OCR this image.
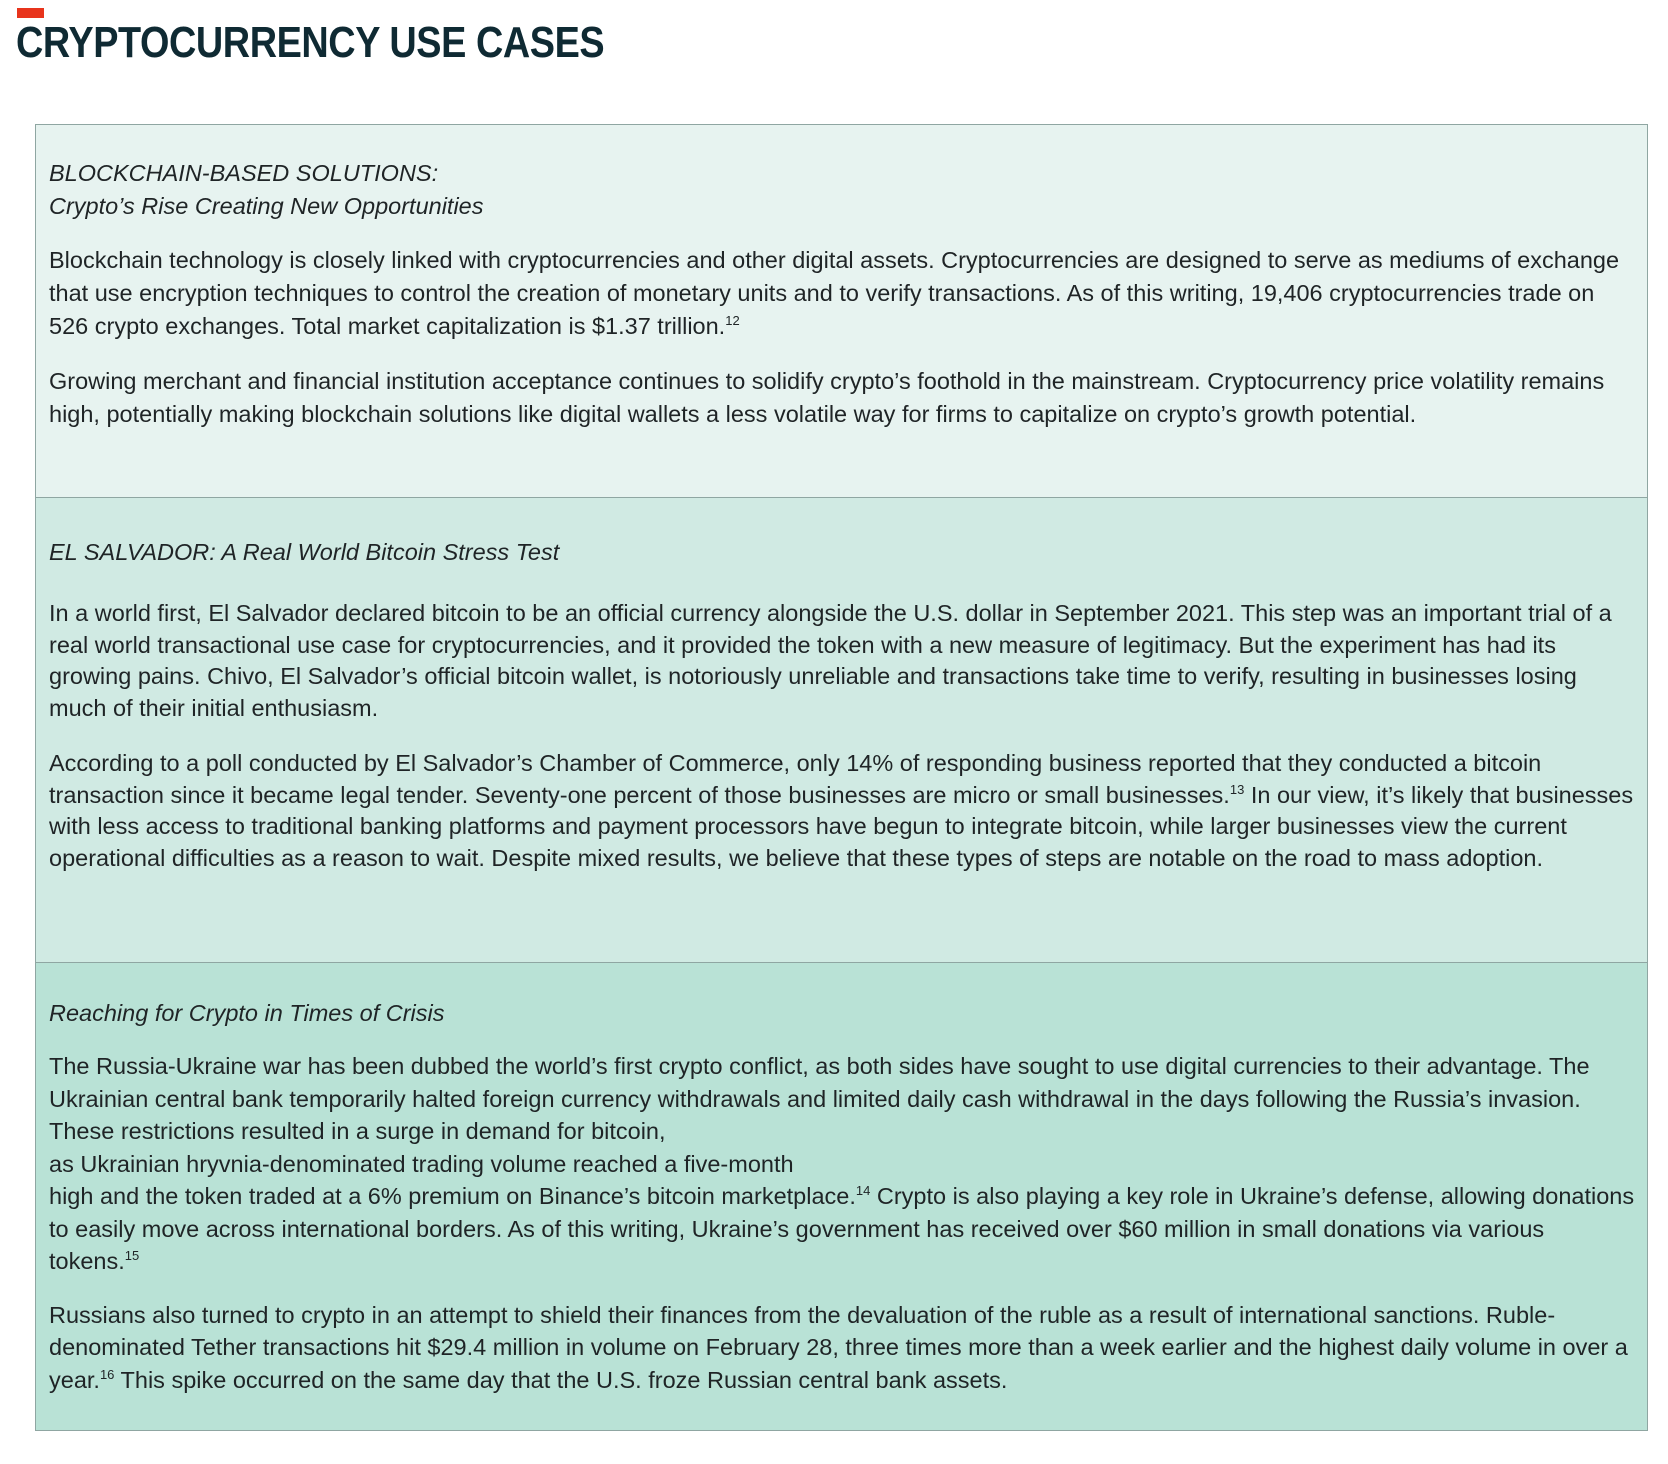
CRYPTOCURRENCY USE CASES
BLOCKCHAIN-BASED SOLUTIONS:
Crypto’s Rise Creating New Opportunities

Blockchain technology is closely linked with cryptocurrencies and other digital assets. Cryptocurrencies are designed to serve as mediums of exchange that use encryption techniques to control the creation of monetary units and to verify transactions. As of this writing, 19,406 cryptocurrencies trade on 526 crypto exchanges. Total market capitalization is $1.37 trillion.$^{12}$

Growing merchant and financial institution acceptance continues to solidify crypto’s foothold in the mainstream. Cryptocurrency price volatility remains high, potentially making blockchain solutions like digital wallets a less volatile way for firms to capitalize on crypto’s growth potential.

EL SALVADOR: A Real World Bitcoin Stress Test

In a world first, El Salvador declared bitcoin to be an official currency alongside the U.S. dollar in September 2021. This step was an important trial of a real world transactional use case for cryptocurrencies, and it provided the token with a new measure of legitimacy. But the experiment has had its growing pains. Chivo, El Salvador’s official bitcoin wallet, is notoriously unreliable and transactions take time to verify, resulting in businesses losing much of their initial enthusiasm.

According to a poll conducted by El Salvador’s Chamber of Commerce, only 14% of responding business reported that they conducted a bitcoin transaction since it became legal tender. Seventy-one percent of those businesses are micro or small businesses.$^{13}$ In our view, it’s likely that businesses with less access to traditional banking platforms and payment processors have begun to integrate bitcoin, while larger businesses view the current operational difficulties as a reason to wait. Despite mixed results, we believe that these types of steps are notable on the road to mass adoption.

Reaching for Crypto in Times of Crisis

The Russia-Ukraine war has been dubbed the world’s first crypto conflict, as both sides have sought to use digital currencies to their advantage. The Ukrainian central bank temporarily halted foreign currency withdrawals and limited daily cash withdrawal in the days following the Russia’s invasion. These restrictions resulted in a surge in demand for bitcoin,
as Ukrainian hryvnia-denominated trading volume reached a five-month
high and the token traded at a 6% premium on Binance’s bitcoin marketplace.$^{14}$ Crypto is also playing a key role in Ukraine’s defense, allowing donations to easily move across international borders. As of this writing, Ukraine’s government has received over $60 million in small donations via various tokens.$^{15}$

Russians also turned to crypto in an attempt to shield their finances from the devaluation of the ruble as a result of international sanctions. Ruble-denominated Tether transactions hit $29.4 million in volume on February 28, three times more than a week earlier and the highest daily volume in over a year.$^{16}$ This spike occurred on the same day that the U.S. froze Russian central bank assets.
